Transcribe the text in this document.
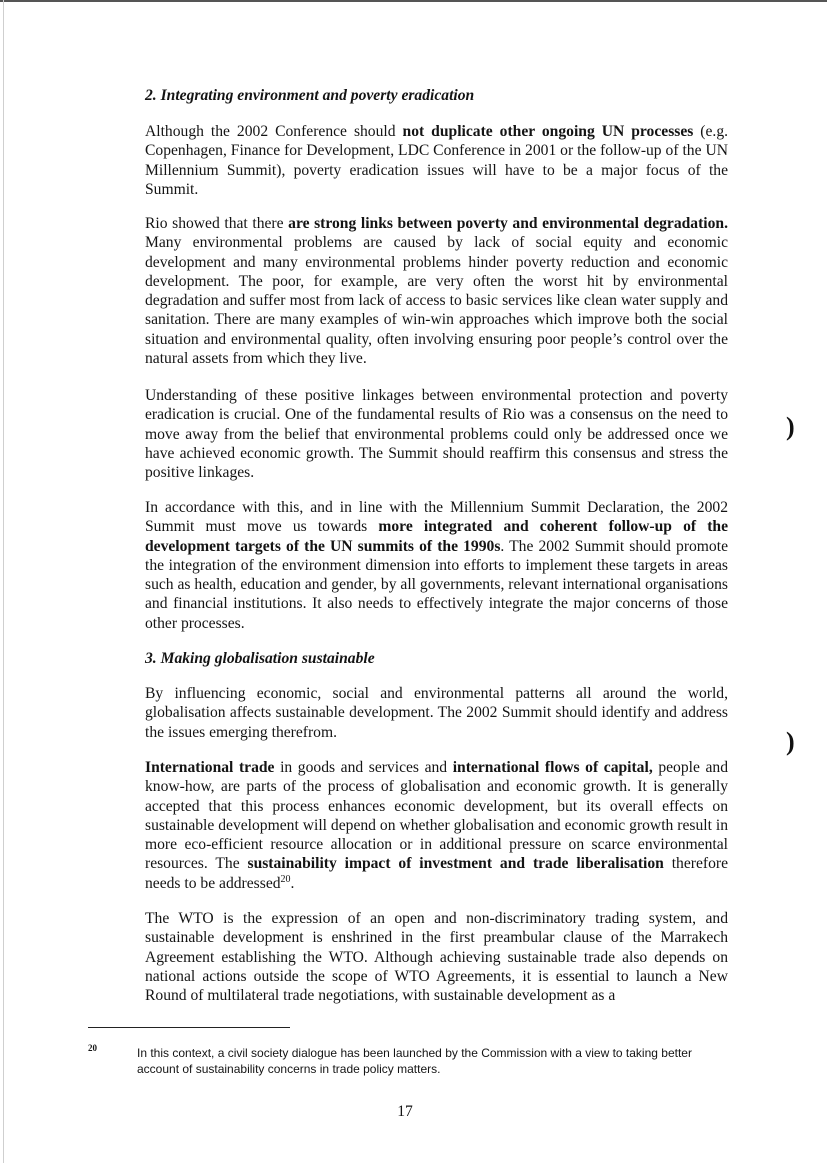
2. Integrating environment and poverty eradication

Although the 2002 Conference should not duplicate other ongoing UN processes (e.g. Copenhagen, Finance for Development, LDC Conference in 2001 or the follow-up of the UN Millennium Summit), poverty eradication issues will have to be a major focus of the Summit.

Rio showed that there are strong links between poverty and environmental degradation. Many environmental problems are caused by lack of social equity and economic development and many environmental problems hinder poverty reduction and economic development. The poor, for example, are very often the worst hit by environmental degradation and suffer most from lack of access to basic services like clean water supply and sanitation. There are many examples of win-win approaches which improve both the social situation and environmental quality, often involving ensuring poor people’s control over the natural assets from which they live.

Understanding of these positive linkages between environmental protection and poverty eradication is crucial. One of the fundamental results of Rio was a consensus on the need to move away from the belief that environmental problems could only be addressed once we have achieved economic growth. The Summit should reaffirm this consensus and stress the positive linkages.

In accordance with this, and in line with the Millennium Summit Declaration, the 2002 Summit must move us towards more integrated and coherent follow-up of the development targets of the UN summits of the 1990s. The 2002 Summit should promote the integration of the environment dimension into efforts to implement these targets in areas such as health, education and gender, by all governments, relevant international organisations and financial institutions. It also needs to effectively integrate the major concerns of those other processes.

3. Making globalisation sustainable

By influencing economic, social and environmental patterns all around the world, globalisation affects sustainable development. The 2002 Summit should identify and address the issues emerging therefrom.

International trade in goods and services and international flows of capital, people and know-how, are parts of the process of globalisation and economic growth. It is generally accepted that this process enhances economic development, but its overall effects on sustainable development will depend on whether globalisation and economic growth result in more eco-efficient resource allocation or in additional pressure on scarce environmental resources. The sustainability impact of investment and trade liberalisation therefore needs to be addressed$^{20}$.

The WTO is the expression of an open and non-discriminatory trading system, and sustainable development is enshrined in the first preambular clause of the Marrakech Agreement establishing the WTO. Although achieving sustainable trade also depends on national actions outside the scope of WTO Agreements, it is essential to launch a New Round of multilateral trade negotiations, with sustainable development as a

20	In this context, a civil society dialogue has been launched by the Commission with a view to taking better account of sustainability concerns in trade policy matters.
17
)
)
